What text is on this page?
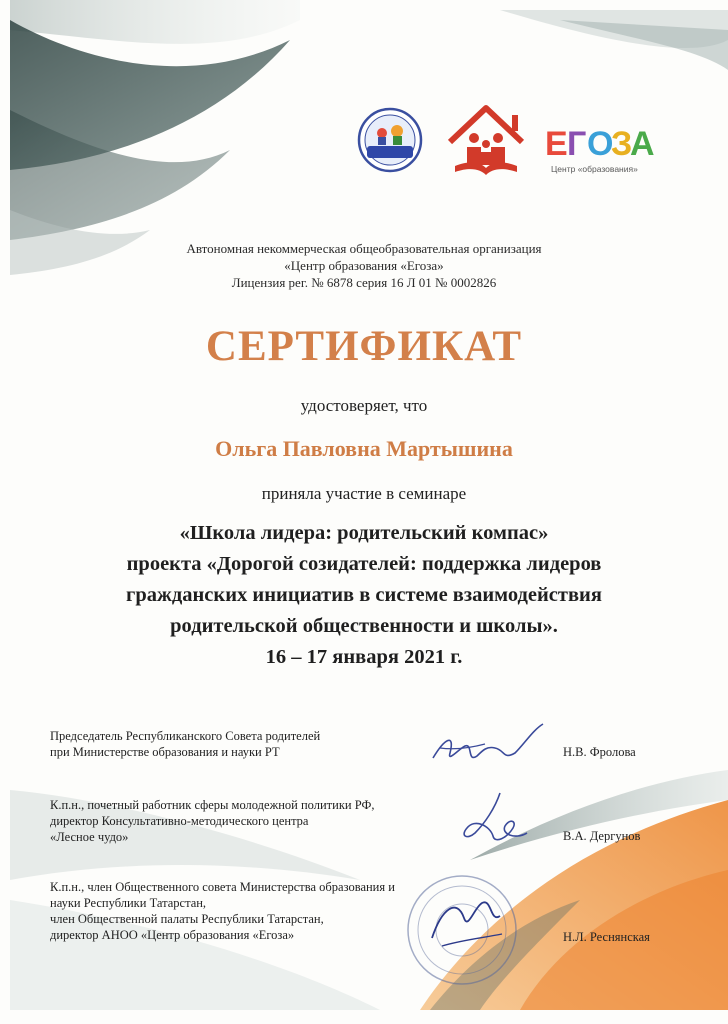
Е Г О
З
А
Центр «образования»
Автономная некоммерческая общеобразовательная организация
«Центр образования «Егоза»
Лицензия рег. № 6878 серия 16 Л 01 № 0002826
СЕРТИФИКАТ
удостоверяет, что
Ольга Павловна Мартышина
приняла участие в семинаре
«Школа лидера: родительский компас»
проекта «Дорогой созидателей: поддержка лидеров
гражданских инициатив в системе взаимодействия
родительской общественности и школы».
16 – 17 января 2021 г.
Председатель Республиканского Совета родителей
при Министерстве образования и науки РТ	Н.В. Фролова
К.п.н., почетный работник сферы молодежной политики РФ,
директор Консультативно-методического центра
«Лесное чудо»	В.А. Дергунов
К.п.н., член Общественного совета Министерства образования и
науки Республики Татарстан,
член Общественной палаты Республики Татарстан,
директор АНОО «Центр образования «Егоза»	Н.Л. Реснянская
